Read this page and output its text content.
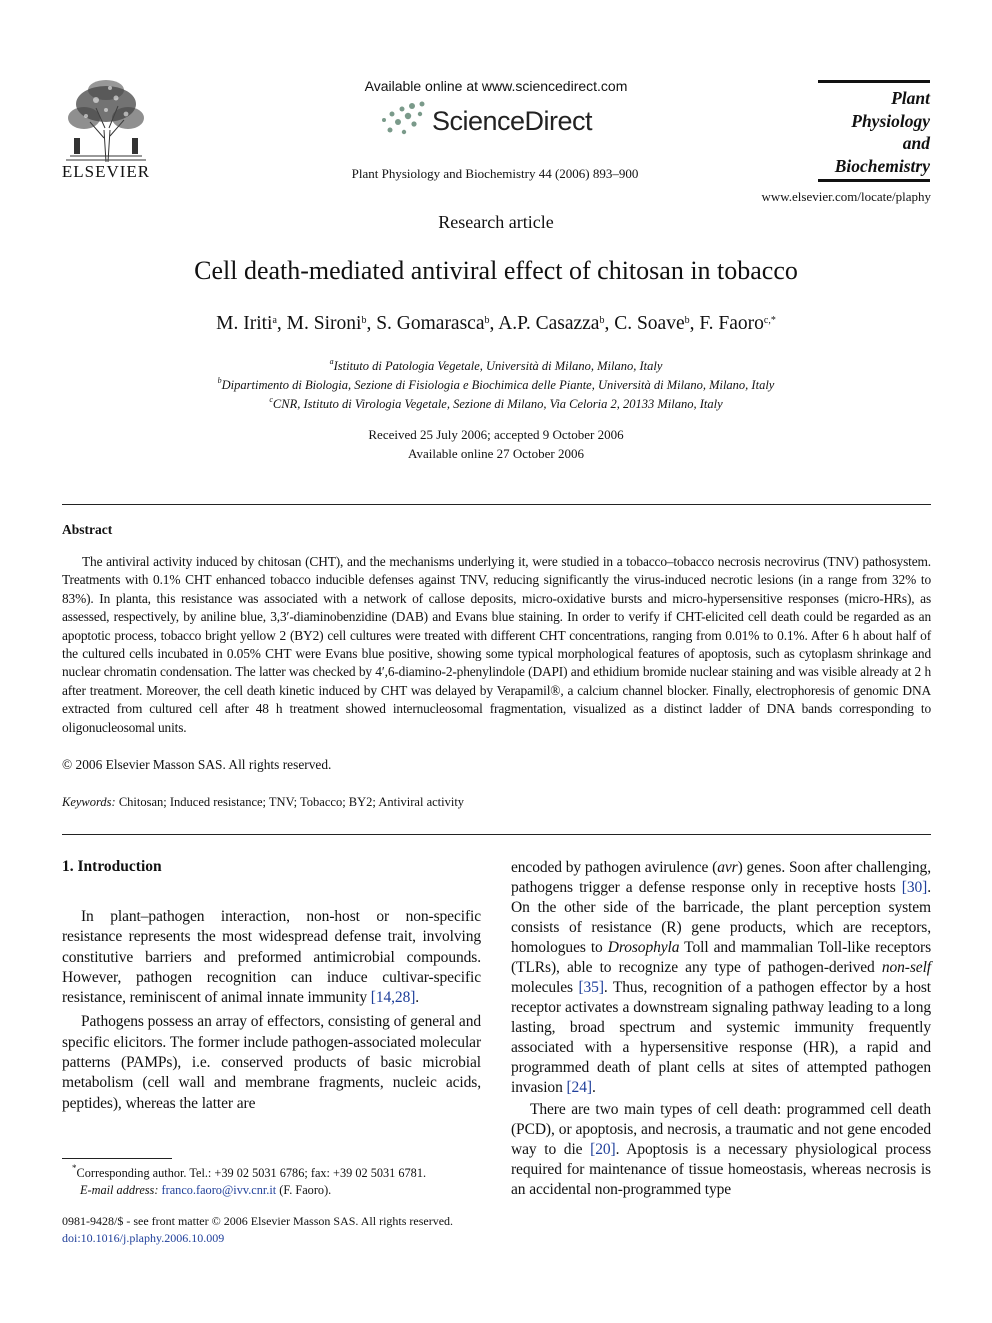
ELSEVIER
Available online at www.sciencedirect.com
ScienceDirect
Plant Physiology and Biochemistry 44 (2006) 893–900
Plant
Physiology
and
Biochemistry
www.elsevier.com/locate/plaphy
Research article
Cell death-mediated antiviral effect of chitosan in tobacco
M. Iriti$^a$, M. Sironi$^b$, S. Gomarasca$^b$, A.P. Casazza$^b$, C. Soave$^b$, F. Faoro$^{c,*}$
$^a$Istituto di Patologia Vegetale, Università di Milano, Milano, Italy
$^b$Dipartimento di Biologia, Sezione di Fisiologia e Biochimica delle Piante, Università di Milano, Milano, Italy
$^c$CNR, Istituto di Virologia Vegetale, Sezione di Milano, Via Celoria 2, 20133 Milano, Italy
Received 25 July 2006; accepted 9 October 2006
Available online 27 October 2006
Abstract
The antiviral activity induced by chitosan (CHT), and the mechanisms underlying it, were studied in a tobacco–tobacco necrosis necrovirus (TNV) pathosystem. Treatments with 0.1% CHT enhanced tobacco inducible defenses against TNV, reducing significantly the virus-induced necrotic lesions (in a range from 32% to 83%). In planta, this resistance was associated with a network of callose deposits, micro-oxidative bursts and micro-hypersensitive responses (micro-HRs), as assessed, respectively, by aniline blue, 3,3′-diaminobenzidine (DAB) and Evans blue staining. In order to verify if CHT-elicited cell death could be regarded as an apoptotic process, tobacco bright yellow 2 (BY2) cell cultures were treated with different CHT concentrations, ranging from 0.01% to 0.1%. After 6 h about half of the cultured cells incubated in 0.05% CHT were Evans blue positive, showing some typical morphological features of apoptosis, such as cytoplasm shrinkage and nuclear chromatin condensation. The latter was checked by 4′,6-diamino-2-phenylindole (DAPI) and ethidium bromide nuclear staining and was visible already at 2 h after treatment. Moreover, the cell death kinetic induced by CHT was delayed by Verapamil®, a calcium channel blocker. Finally, electrophoresis of genomic DNA extracted from cultured cell after 48 h treatment showed internucleosomal fragmentation, visualized as a distinct ladder of DNA bands corresponding to oligonucleosomal units.
© 2006 Elsevier Masson SAS. All rights reserved.
Keywords: Chitosan; Induced resistance; TNV; Tobacco; BY2; Antiviral activity
1. Introduction

In plant–pathogen interaction, non-host or non-specific resistance represents the most widespread defense trait, involving constitutive barriers and preformed antimicrobial compounds. However, pathogen recognition can induce cultivar-specific resistance, reminiscent of animal innate immunity [14,28].

Pathogens possess an array of effectors, consisting of general and specific elicitors. The former include pathogen-associated molecular patterns (PAMPs), i.e. conserved products of basic microbial metabolism (cell wall and membrane fragments, nucleic acids, peptides), whereas the latter are

encoded by pathogen avirulence (avr) genes. Soon after challenging, pathogens trigger a defense response only in receptive hosts [30]. On the other side of the barricade, the plant perception system consists of resistance (R) gene products, which are receptors, homologues to Drosophyla Toll and mammalian Toll-like receptors (TLRs), able to recognize any type of pathogen-derived non-self molecules [35]. Thus, recognition of a pathogen effector by a host receptor activates a downstream signaling pathway leading to a long lasting, broad spectrum and systemic immunity frequently associated with a hypersensitive response (HR), a rapid and programmed death of plant cells at sites of attempted pathogen invasion [24].

There are two main types of cell death: programmed cell death (PCD), or apoptosis, and necrosis, a traumatic and not gene encoded way to die [20]. Apoptosis is a necessary physiological process required for maintenance of tissue homeostasis, whereas necrosis is an accidental non-programmed type

*Corresponding author. Tel.: +39 02 5031 6786; fax: +39 02 5031 6781.
E-mail address: franco.faoro@ivv.cnr.it (F. Faoro).
0981-9428/$ - see front matter © 2006 Elsevier Masson SAS. All rights reserved.
doi:10.1016/j.plaphy.2006.10.009
